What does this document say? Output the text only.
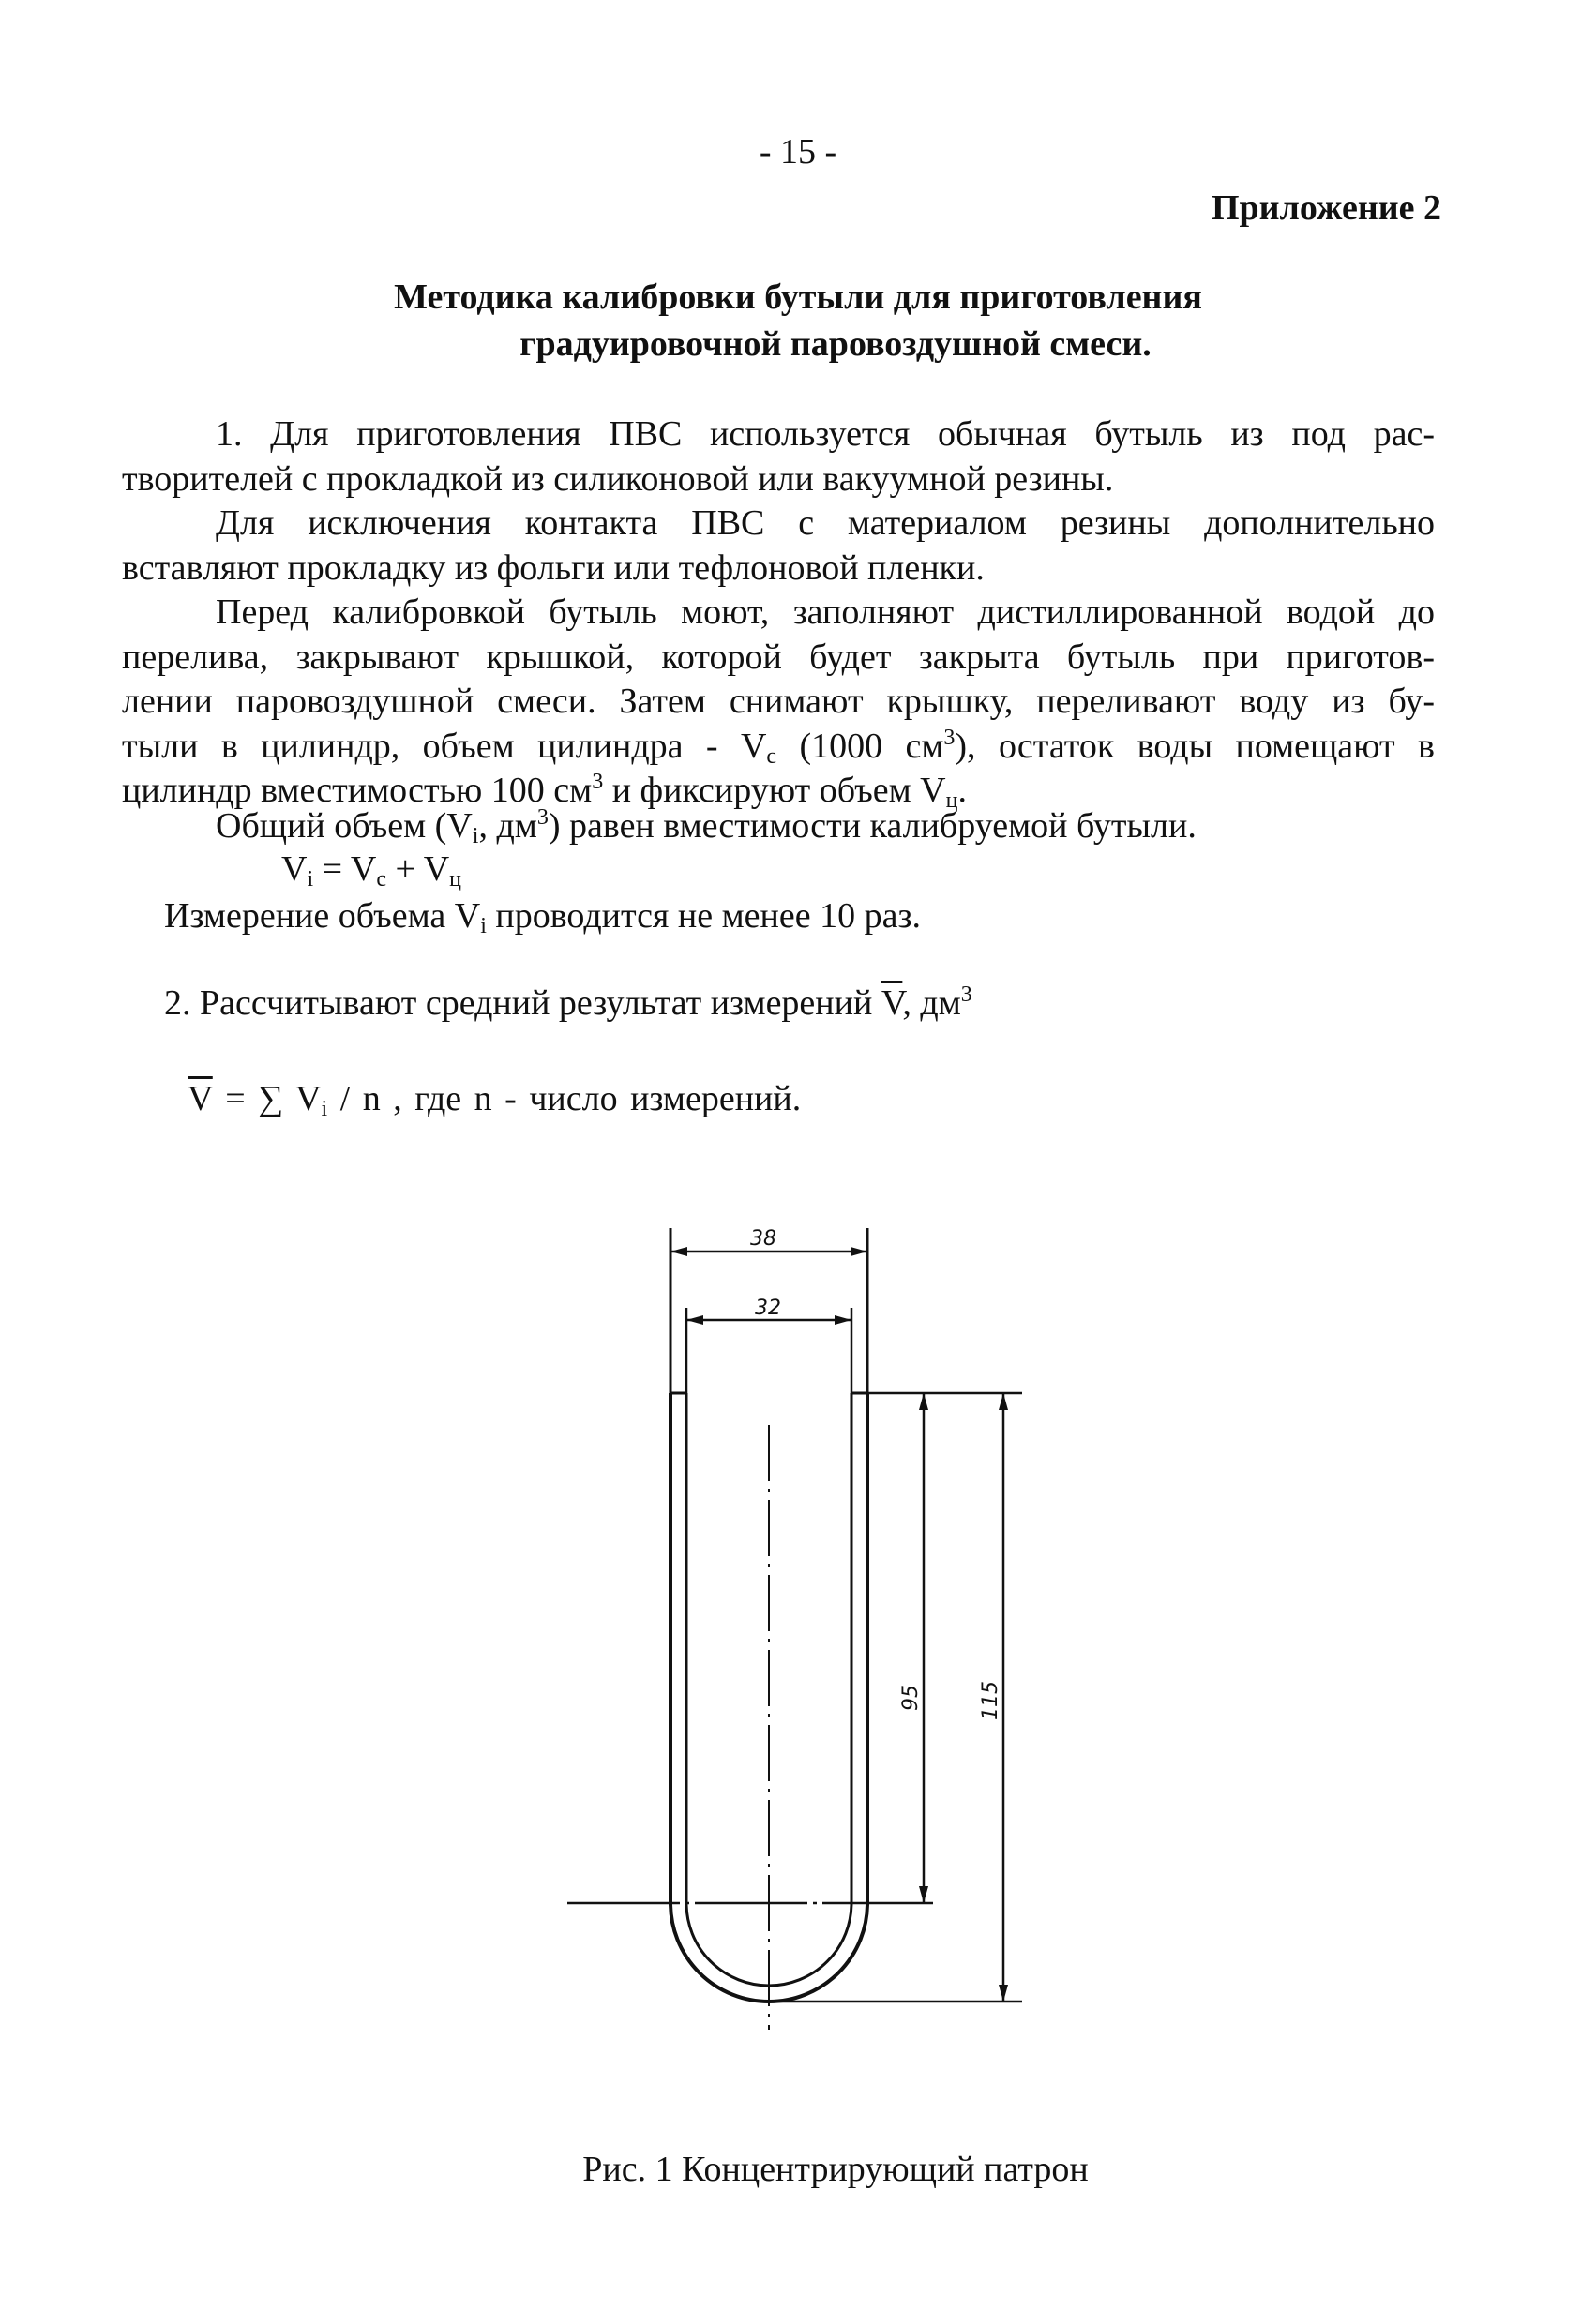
- 15 -
Приложение 2
Методика калибровки бутыли для приготовления
градуировочной паровоздушной смеси.
1. Для приготовления ПВС используется обычная бутыль из под рас-
творителей с прокладкой из силиконовой или вакуумной резины.
Для исключения контакта ПВС с материалом резины дополнительно
вставляют прокладку из фольги или тефлоновой пленки.
Перед калибровкой бутыль моют, заполняют дистиллированной водой до
перелива, закрывают крышкой, которой будет закрыта бутыль при приготов-
лении паровоздушной смеси. Затем снимают крышку, переливают воду из бу-
тыли в цилиндр, объем цилиндра - $V_c$ (1000 $см^3$), остаток воды помещают в
цилиндр вместимостью 100 $см^3$ и фиксируют объем $V_ц$.
Общий объем ($V_i$, $дм^3$) равен вместимости калибруемой бутыли.
$V_i = V_c + V_ц$
Измерение объема $V_i$ проводится не менее 10 раз.
2. Рассчитывают средний результат измерений $\overline{V}$, $дм^3$
$\overline{V}$ = ∑ $V_i$ / n , где n - число измерений.
38
32
95	115
Рис. 1 Концентрирующий патрон
